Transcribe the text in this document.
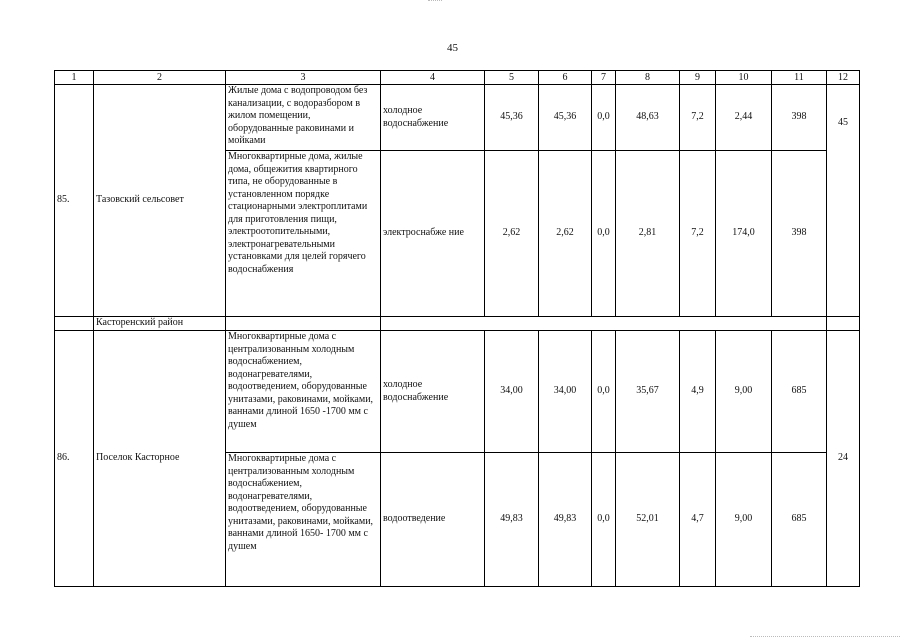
45
1	2	3	4	5	6	7	8	9	10	11	12
85.	Тазовский сельсовет	Жилые дома с водопроводом без канализации, с водоразбором в жилом помещении, оборудованные раковинами и мойками	холодное водоснабжение	45,36	45,36	0,0	48,63	7,2	2,44	398	45
		Многоквартирные дома, жилые дома, общежития квартирного типа, не оборудованные в установленном порядке стационарными электроплитами для приготовления пищи, электроотопительными, электронагревательными установками для целей горячего водоснабжения	электроснабже ние	2,62	2,62	0,0	2,81	7,2	174,0	398	
	Касторенский район										
86.	Поселок Касторное	Многоквартирные дома с централизованным холодным водоснабжением, водонагревателями, водоотведением, оборудованные унитазами, раковинами, мойками, ваннами длиной 1650 -1700 мм с душем	холодное водоснабжение	34,00	34,00	0,0	35,67	4,9	9,00	685	24
		Многоквартирные дома с централизованным холодным водоснабжением, водонагревателями, водоотведением, оборудованные унитазами, раковинами, мойками, ваннами длиной 1650- 1700 мм с душем	водоотведение	49,83	49,83	0,0	52,01	4,7	9,00	685	
